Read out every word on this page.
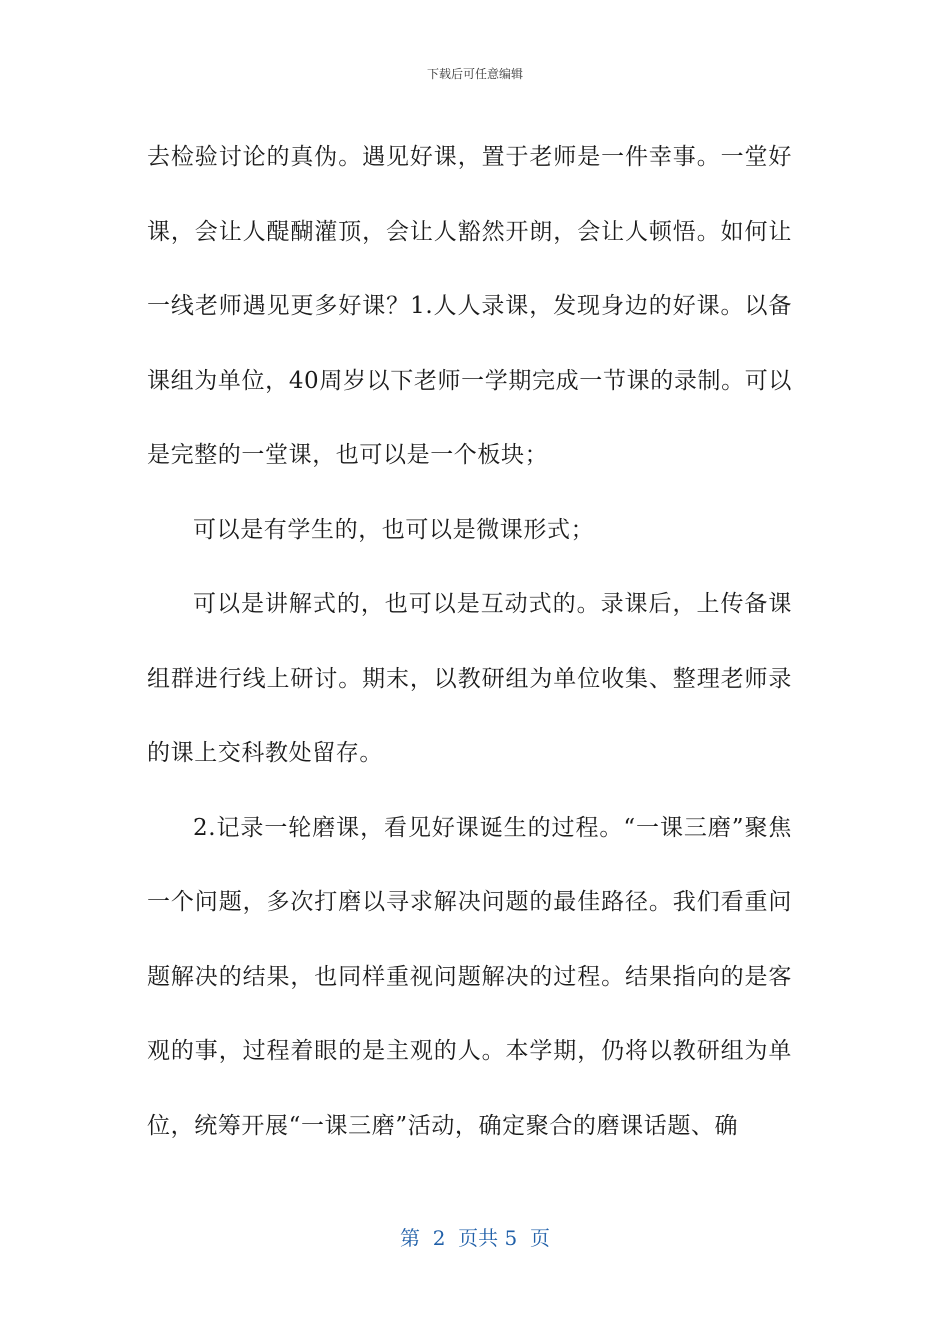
下载后可任意编辑

去检验讨论的真伪。遇见好课，置于老师是一件幸事。一堂好课，会让人醍醐灌顶，会让人豁然开朗，会让人顿悟。如何让一线老师遇见更多好课？1.人人录课，发现身边的好课。以备课组为单位，40周岁以下老师一学期完成一节课的录制。可以是完整的一堂课，也可以是一个板块；

可以是有学生的，也可以是微课形式；

可以是讲解式的，也可以是互动式的。录课后，上传备课组群进行线上研讨。期末，以教研组为单位收集、整理老师录的课上交科教处留存。

2.记录一轮磨课，看见好课诞生的过程。“一课三磨”聚焦一个问题，多次打磨以寻求解决问题的最佳路径。我们看重问题解决的结果，也同样重视问题解决的过程。结果指向的是客观的事，过程着眼的是主观的人。本学期，仍将以教研组为单位，统筹开展“一课三磨”活动，确定聚合的磨课话题、确

第  2  页共 5  页
